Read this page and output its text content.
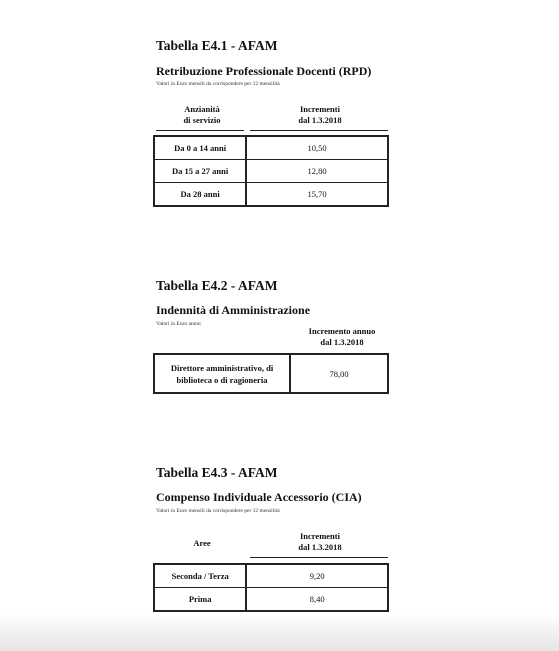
Tabella E4.1 - AFAM
Retribuzione Professionale Docenti (RPD)
Valori in Euro mensili da corrispondere per 12 mensilità
Anzianità
di servizio
Incrementi
dal 1.3.2018
Da 0 a 14 anni	10,50
Da 15 a 27 anni	12,80
Da 28 anni	15,70
Tabella E4.2 - AFAM
Indennità di Amministrazione
Valori in Euro annui
Incremento annuo
dal 1.3.2018
Direttore amministrativo, di
biblioteca o di ragioneria	78,00
Tabella E4.3 - AFAM
Compenso Individuale Accessorio (CIA)
Valori in Euro mensili da corrispondere per 12 mensilità
Aree
Incrementi
dal 1.3.2018
Seconda / Terza	9,20
Prima	8,40
